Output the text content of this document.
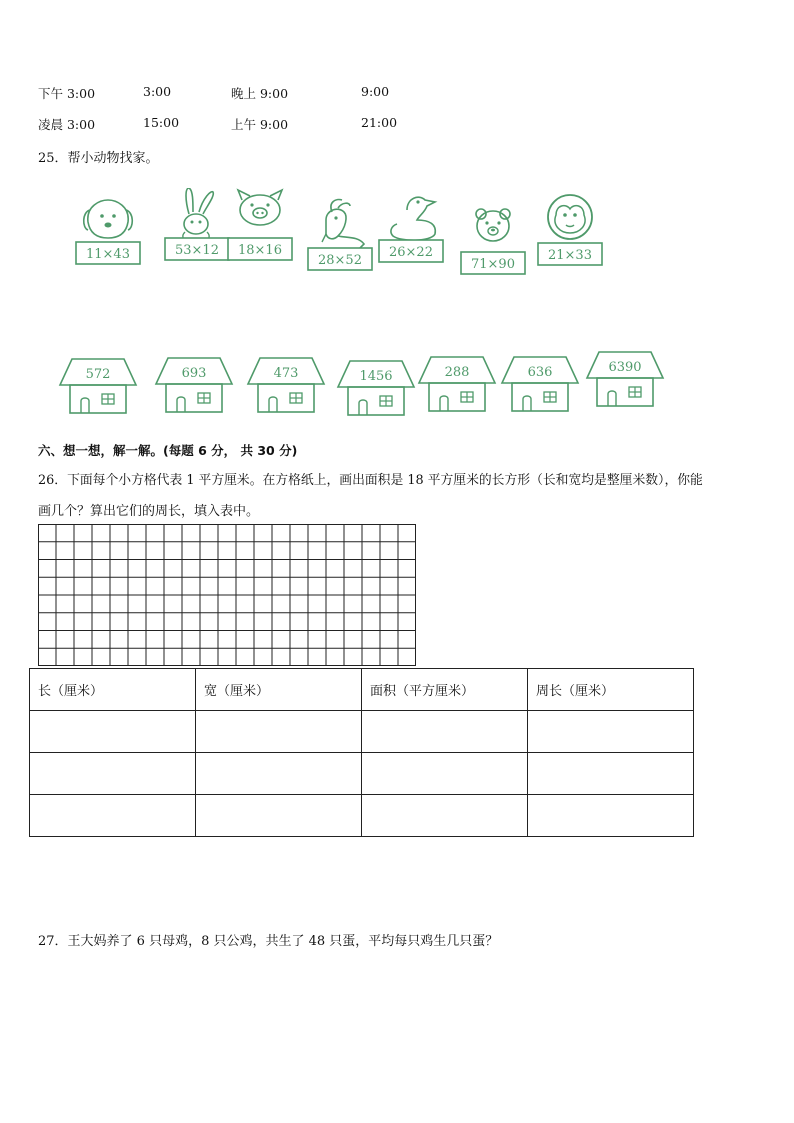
下午 3:00	3:00	晚上 9:00	9:00
凌晨 3:00	15:00	上午 9:00	21:00
25．帮小动物找家。
11×43	53×12 18×16
28×52
26×22
71×90
21×33
572	693	473	1456	288	636	6390
六、想一想，解一解。(每题 6 分， 共 30 分)
26．下面每个小方格代表 1 平方厘米。在方格纸上，画出面积是 18 平方厘米的长方形（长和宽均是整厘米数），你能
画几个？算出它们的周长，填入表中。
长（厘米）	宽（厘米）	面积（平方厘米）	周长（厘米）

27．王大妈养了 6 只母鸡，8 只公鸡，共生了 48 只蛋，平均每只鸡生几只蛋？
